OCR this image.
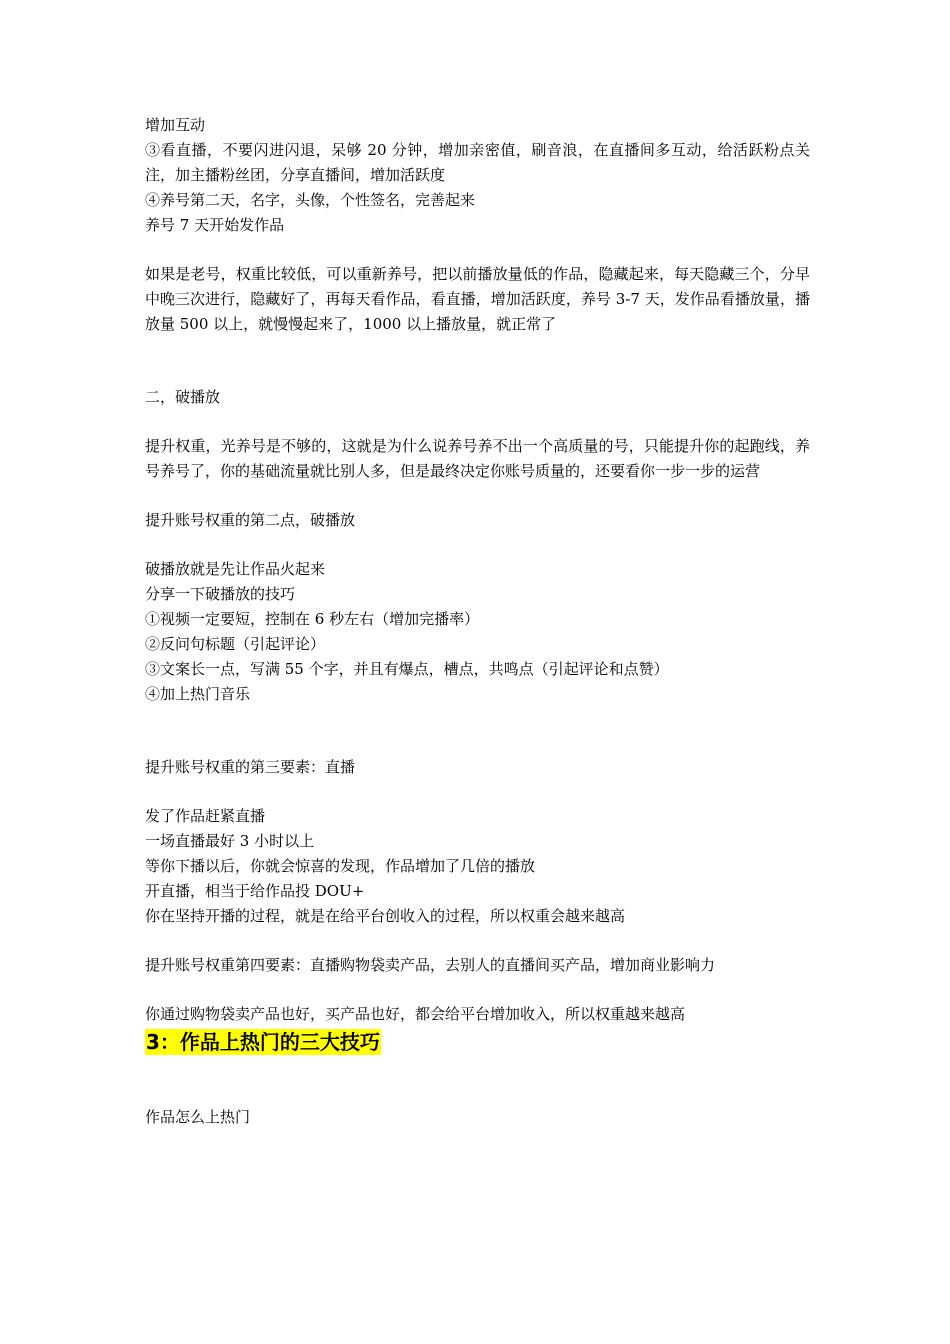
增加互动

③看直播，不要闪进闪退，呆够 20 分钟，增加亲密值，刷音浪，在直播间多互动，给活跃粉点关注，加主播粉丝团，分享直播间，增加活跃度

④养号第二天，名字，头像，个性签名，完善起来

养号 7 天开始发作品

如果是老号，权重比较低，可以重新养号，把以前播放量低的作品，隐藏起来，每天隐藏三个，分早中晚三次进行，隐藏好了，再每天看作品，看直播，增加活跃度，养号 3-7 天，发作品看播放量，播放量 500 以上，就慢慢起来了，1000 以上播放量，就正常了

二，破播放

提升权重，光养号是不够的，这就是为什么说养号养不出一个高质量的号，只能提升你的起跑线，养号养号了，你的基础流量就比别人多，但是最终决定你账号质量的，还要看你一步一步的运营

提升账号权重的第二点，破播放

破播放就是先让作品火起来

分享一下破播放的技巧

①视频一定要短，控制在 6 秒左右（增加完播率）

②反问句标题（引起评论）

③文案长一点，写满 55 个字，并且有爆点，槽点，共鸣点（引起评论和点赞）

④加上热门音乐

提升账号权重的第三要素：直播

发了作品赶紧直播

一场直播最好 3 小时以上

等你下播以后，你就会惊喜的发现，作品增加了几倍的播放

开直播，相当于给作品投 DOU+

你在坚持开播的过程，就是在给平台创收入的过程，所以权重会越来越高

提升账号权重第四要素：直播购物袋卖产品，去别人的直播间买产品，增加商业影响力

你通过购物袋卖产品也好，买产品也好，都会给平台增加收入，所以权重越来越高

3：作品上热门的三大技巧

作品怎么上热门
